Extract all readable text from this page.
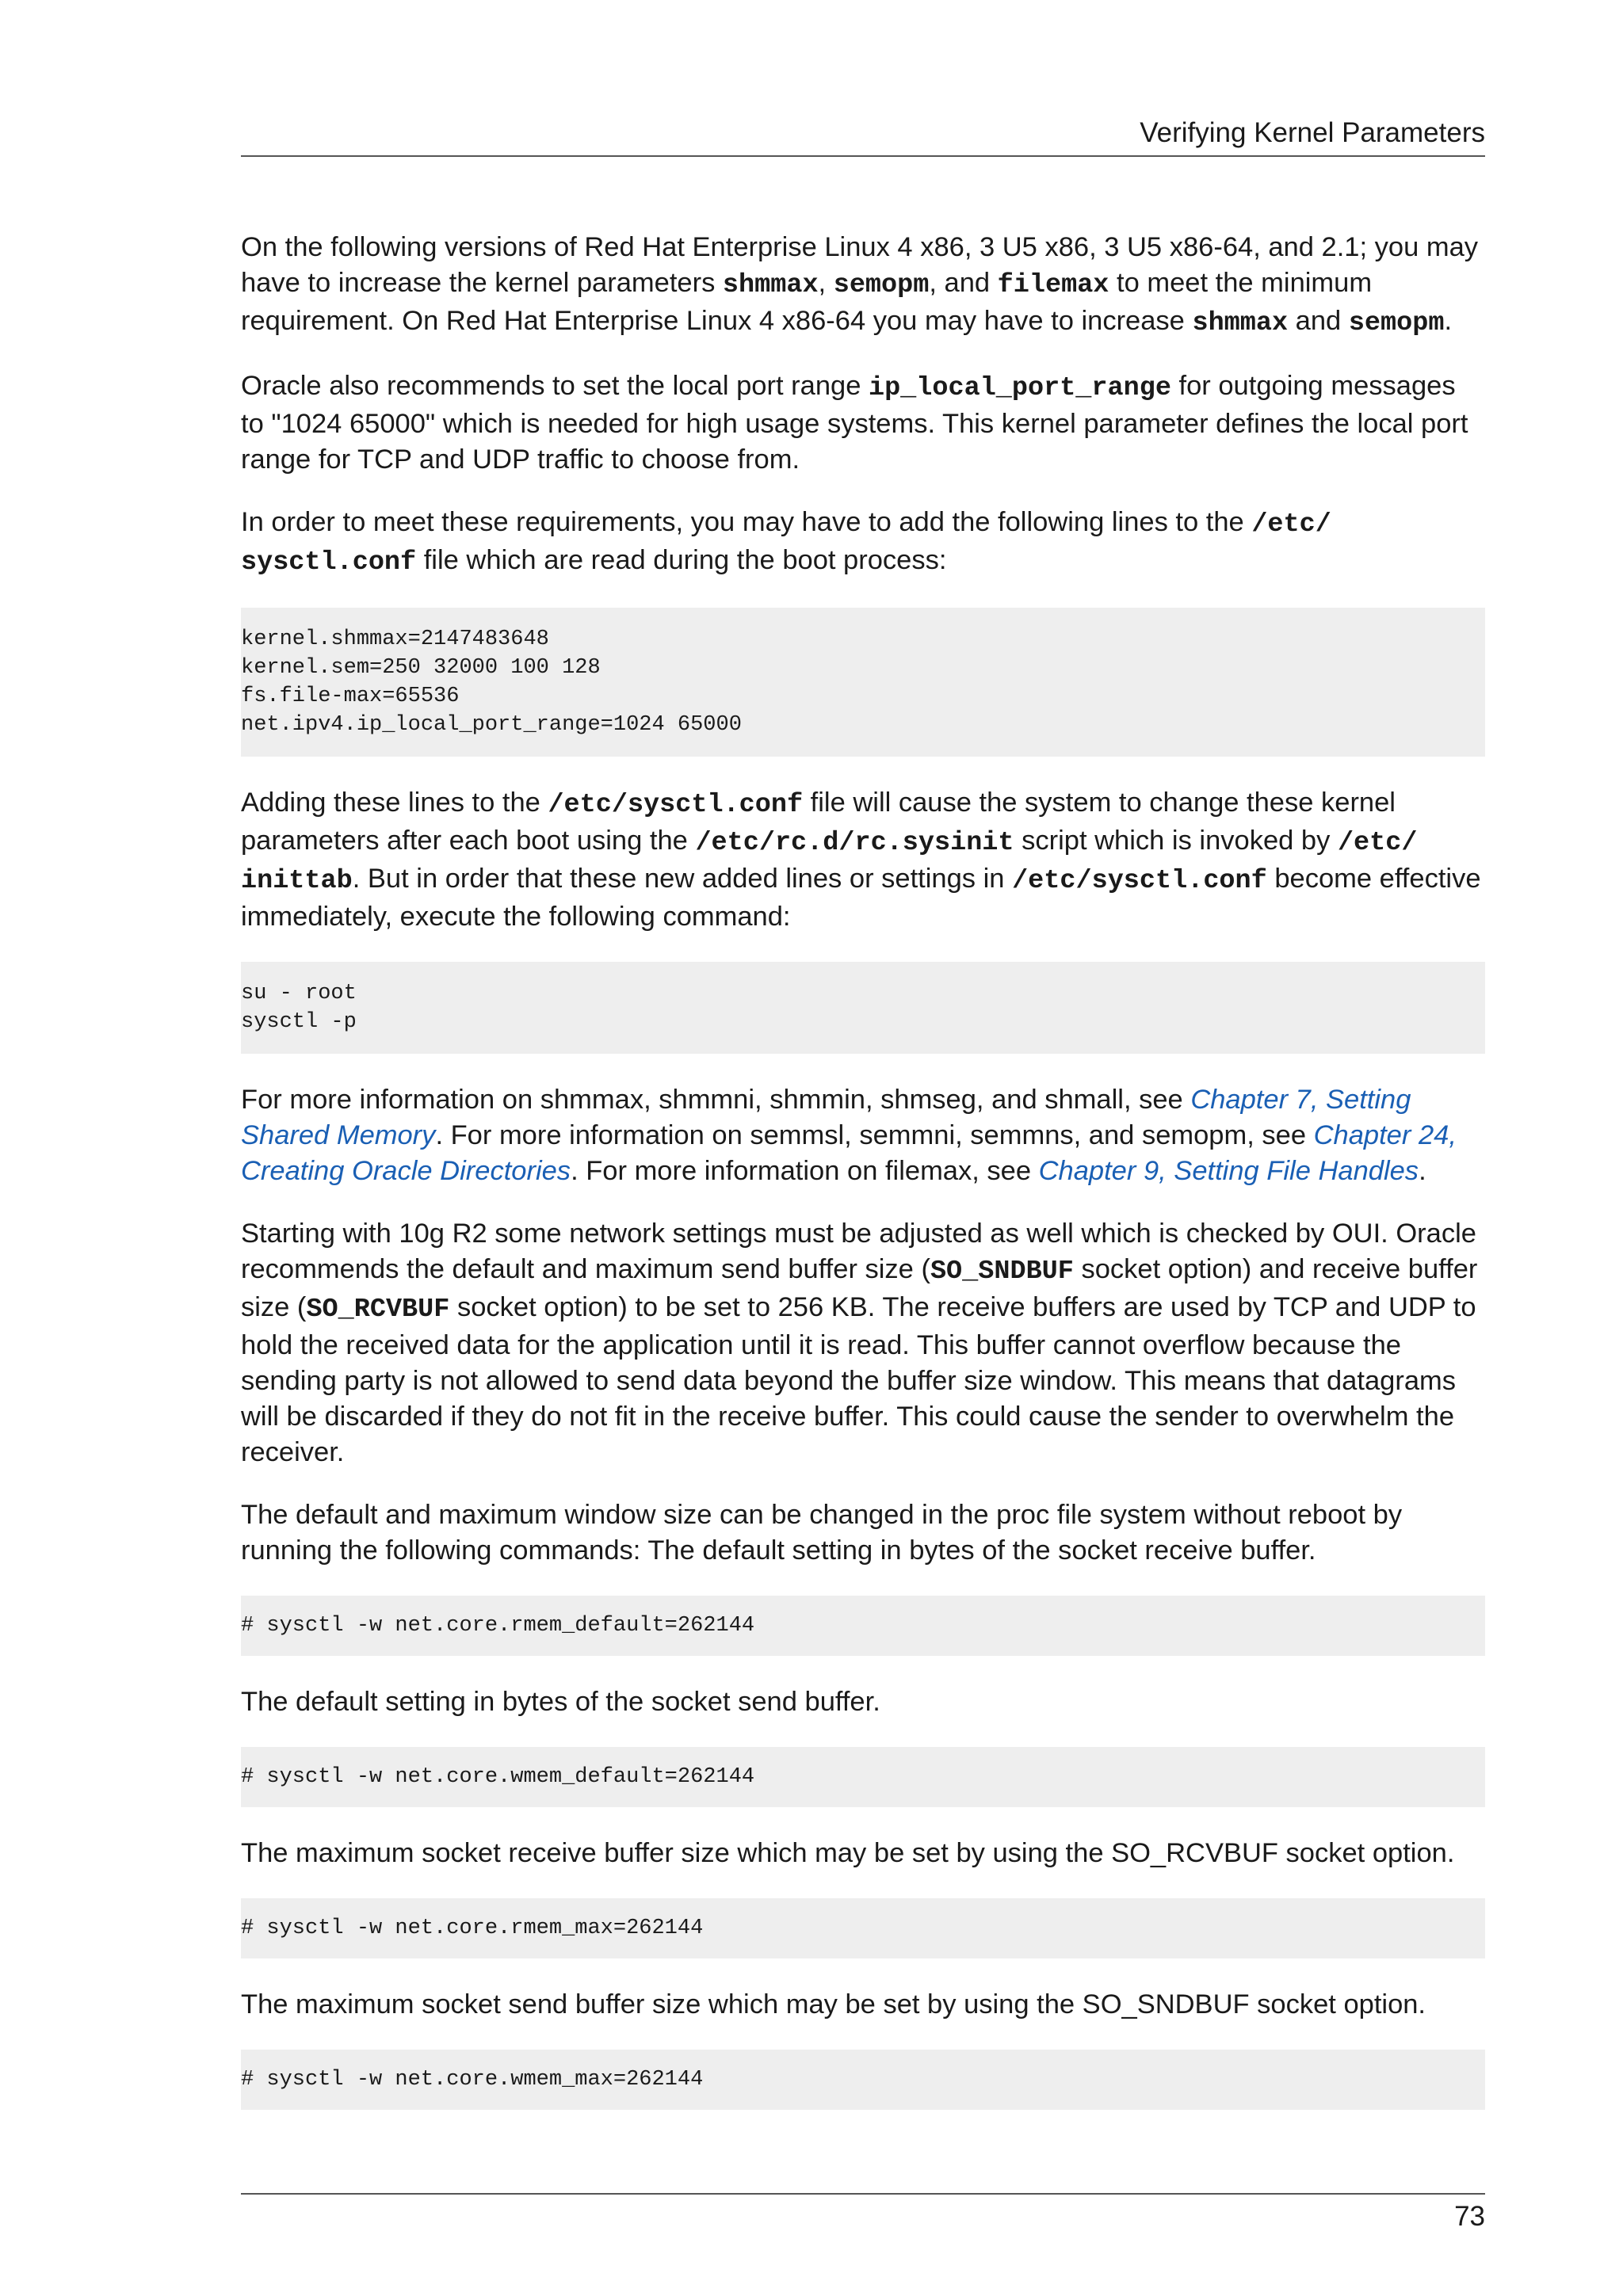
Verifying Kernel Parameters

On the following versions of Red Hat Enterprise Linux 4 x86, 3 U5 x86, 3 U5 x86-64, and 2.1; you may have to increase the kernel parameters shmmax, semopm, and filemax to meet the minimum requirement. On Red Hat Enterprise Linux 4 x86-64 you may have to increase shmmax and semopm.

Oracle also recommends to set the local port range ip_local_port_range for outgoing messages to "1024 65000" which is needed for high usage systems. This kernel parameter defines the local port range for TCP and UDP traffic to choose from.

In order to meet these requirements, you may have to add the following lines to the /etc/ sysctl.conf file which are read during the boot process:

kernel.shmmax=2147483648
kernel.sem=250 32000 100 128
fs.file-max=65536
net.ipv4.ip_local_port_range=1024 65000

Adding these lines to the /etc/sysctl.conf file will cause the system to change these kernel parameters after each boot using the /etc/rc.d/rc.sysinit script which is invoked by /etc/ inittab. But in order that these new added lines or settings in /etc/sysctl.conf become effective immediately, execute the following command:

su - root
sysctl -p

For more information on shmmax, shmmni, shmmin, shmseg, and shmall, see Chapter 7, Setting Shared Memory. For more information on semmsl, semmni, semmns, and semopm, see Chapter 24, Creating Oracle Directories. For more information on filemax, see Chapter 9, Setting File Handles.

Starting with 10g R2 some network settings must be adjusted as well which is checked by OUI. Oracle recommends the default and maximum send buffer size (SO_SNDBUF socket option) and receive buffer size (SO_RCVBUF socket option) to be set to 256 KB. The receive buffers are used by TCP and UDP to hold the received data for the application until it is read. This buffer cannot overflow because the sending party is not allowed to send data beyond the buffer size window. This means that datagrams will be discarded if they do not fit in the receive buffer. This could cause the sender to overwhelm the receiver.

The default and maximum window size can be changed in the proc file system without reboot by running the following commands: The default setting in bytes of the socket receive buffer.

# sysctl -w net.core.rmem_default=262144

The default setting in bytes of the socket send buffer.

# sysctl -w net.core.wmem_default=262144

The maximum socket receive buffer size which may be set by using the SO_RCVBUF socket option.

# sysctl -w net.core.rmem_max=262144

The maximum socket send buffer size which may be set by using the SO_SNDBUF socket option.

# sysctl -w net.core.wmem_max=262144
73
